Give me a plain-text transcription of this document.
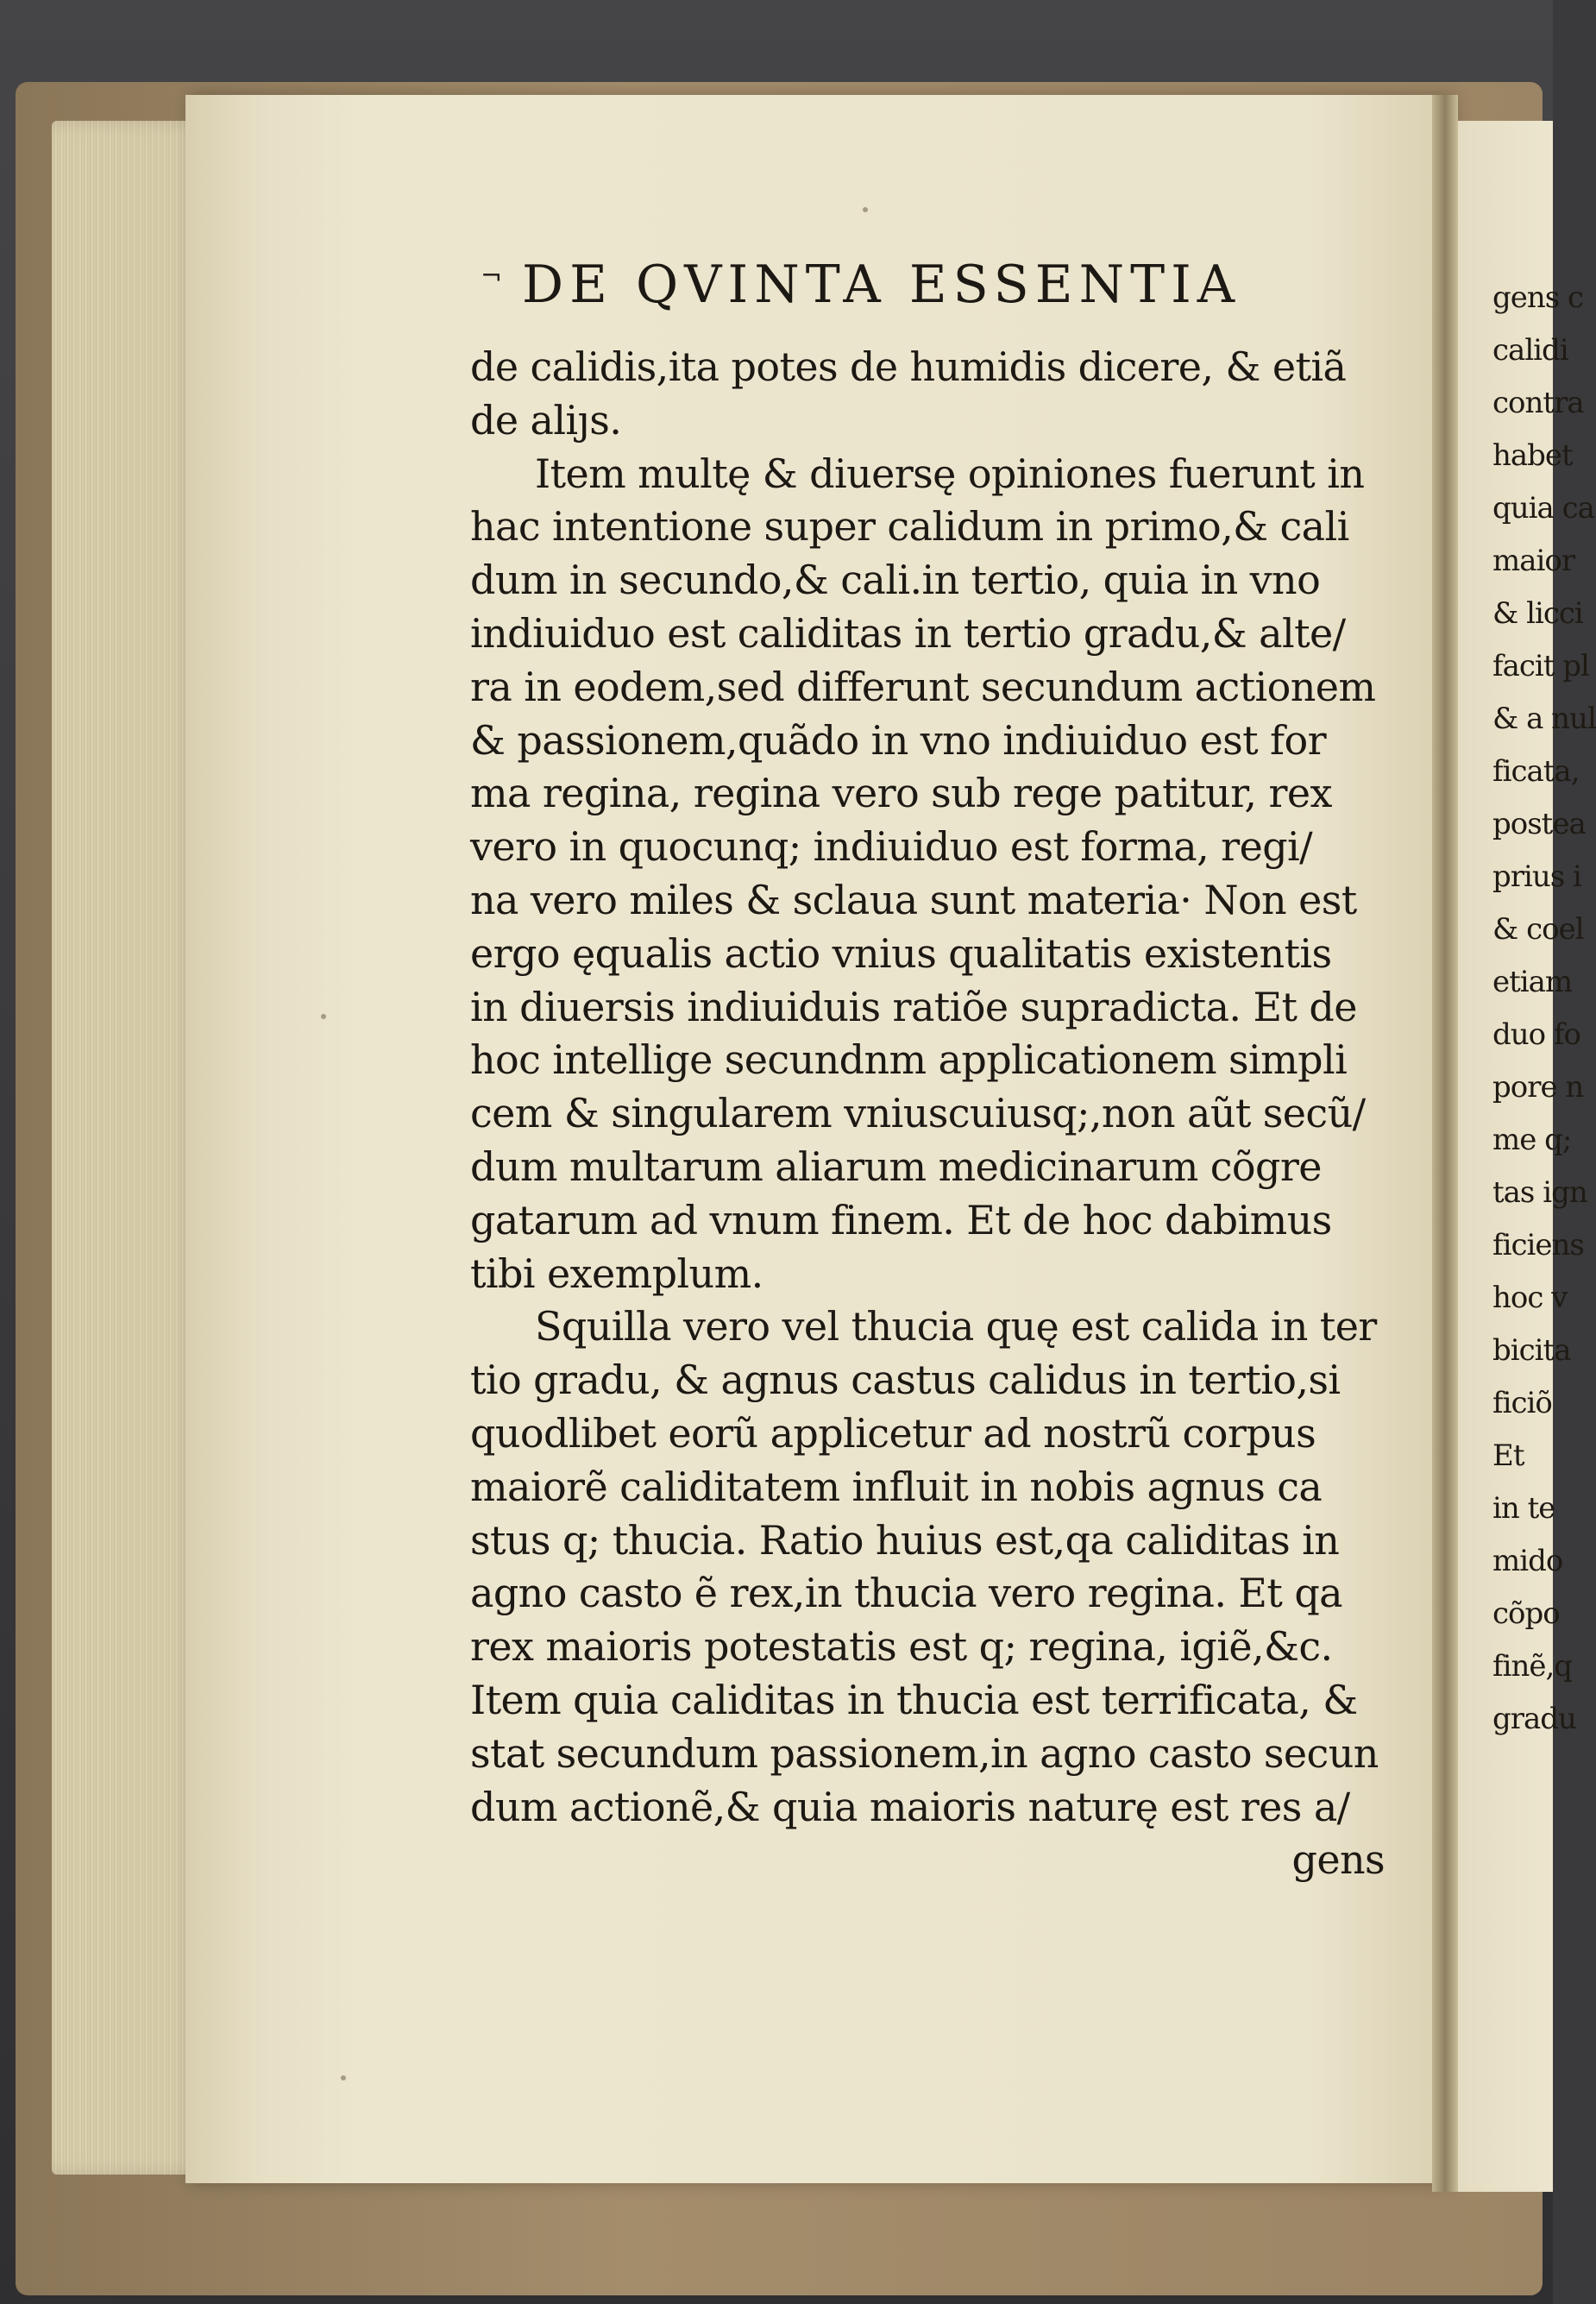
gens c
calidi
contra
habet
quia ca
maior
& licci
facit pl
& a nul
ficata,
postea
prius i
& coel
etiam
duo fo
pore n
me q;
tas ign
ficiens
hoc v
bicita
ficiõ
Et
in te
mido
cõpo
finẽ,q
gradu
¬ DE QVINTA ESSENTIA
de calidis,ita potes de humidis dicere, & etiã
de aliȷs.
Item multę & diuersę opiniones fuerunt in
hac intentione super calidum in primo,& cali
dum in secundo,& cali.in tertio, quia in vno
indiuiduo est caliditas in tertio gradu,& alte/
ra in eodem,sed differunt secundum actionem
& passionem,quãdo in vno indiuiduo est for
ma regina, regina vero sub rege patitur, rex
vero in quocunq; indiuiduo est forma, regi/
na vero miles & sclaua sunt materia· Non est
ergo ęqualis actio vnius qualitatis existentis
in diuersis indiuiduis ratiõe supradicta. Et de
hoc intellige secundnm applicationem simpli
cem & singularem vniuscuiusq;,non aũt secũ/
dum multarum aliarum medicinarum cõgre
gatarum ad vnum finem. Et de hoc dabimus
tibi exemplum.
Squilla vero vel thucia quę est calida in ter
tio gradu, & agnus castus calidus in tertio,si
quodlibet eorũ applicetur ad nostrũ corpus
maiorẽ caliditatem influit in nobis agnus ca
stus q; thucia. Ratio huius est,qa caliditas in
agno casto ẽ rex,in thucia vero regina. Et qa
rex maioris potestatis est q; regina, igiẽ,&c.
Item quia caliditas in thucia est terrificata, &
stat secundum passionem,in agno casto secun
dum actionẽ,& quia maioris naturę est res a/
gens
